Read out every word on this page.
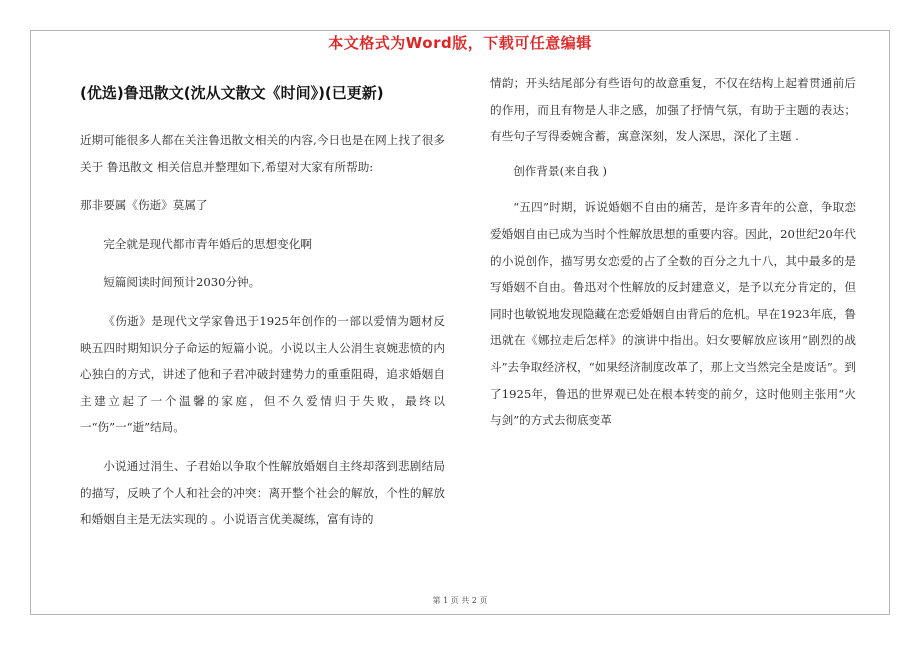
本文格式为Word版，下载可任意编辑
(优选)鲁迅散文(沈从文散文《时间》)(已更新)

近期可能很多人都在关注鲁迅散文相关的内容,今日也是在网上找了很多关于 鲁迅散文 相关信息并整理如下,希望对大家有所帮助:

那非要属《伤逝》莫属了

完全就是现代都市青年婚后的思想变化啊

短篇阅读时间预计2030分钟。

《伤逝》是现代文学家鲁迅于1925年创作的一部以爱情为题材反映五四时期知识分子命运的短篇小说。小说以主人公涓生哀婉悲愤的内心独白的方式，讲述了他和子君冲破封建势力的重重阻碍，追求婚姻自主建立起了一个温馨的家庭，但不久爱情归于失败，最终以一“伤”一“逝”结局。

小说通过涓生、子君始以争取个性解放婚姻自主终却落到悲剧结局的描写，反映了个人和社会的冲突：离开整个社会的解放，个性的解放和婚姻自主是无法实现的 。小说语言优美凝练，富有诗的

情韵；开头结尾部分有些语句的故意重复，不仅在结构上起着贯通前后的作用，而且有物是人非之感，加强了抒情气氛，有助于主题的表达；有些句子写得委婉含蓄，寓意深刻，发人深思，深化了主题 .

创作背景(来自我 )

“五四”时期，诉说婚姻不自由的痛苦，是许多青年的公意，争取恋爱婚姻自由已成为当时个性解放思想的重要内容。因此，20世纪20年代的小说创作，描写男女恋爱的占了全数的百分之九十八，其中最多的是写婚姻不自由。鲁迅对个性解放的反封建意义，是予以充分肯定的，但同时也敏锐地发现隐藏在恋爱婚姻自由背后的危机。早在1923年底，鲁迅就在《娜拉走后怎样》的演讲中指出。妇女要解放应该用“剧烈的战斗”去争取经济权，“如果经济制度改革了，那上文当然完全是废话”。到了1925年，鲁迅的世界观已处在根本转变的前夕，这时他则主张用“火与剑”的方式去彻底变革

第 1 页 共 2 页
